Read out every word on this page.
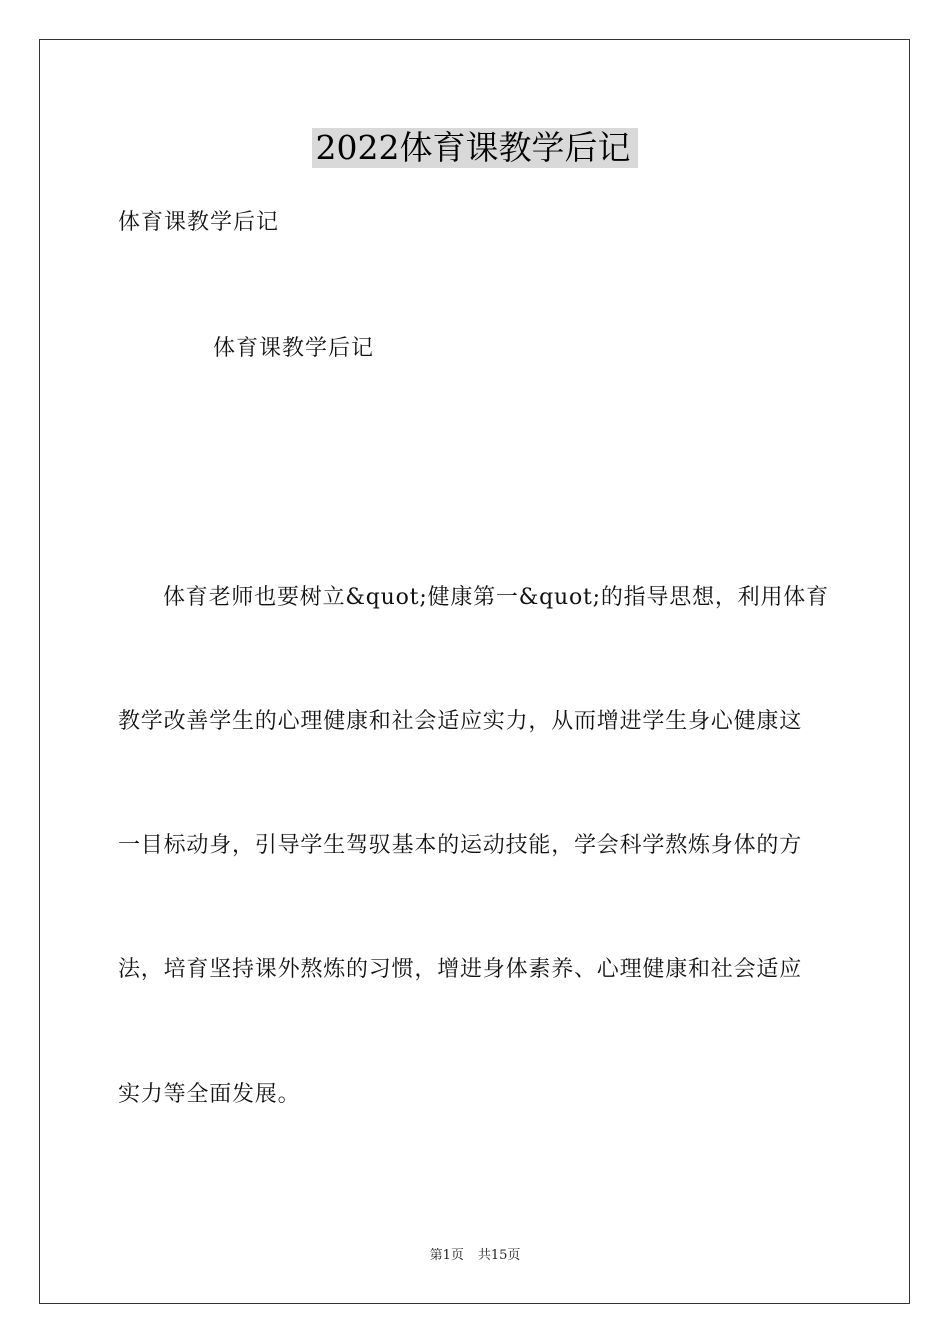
2022体育课教学后记
体育课教学后记
体育课教学后记
体育老师也要树立&quot;健康第一&quot;的指导思想，利用体育
教学改善学生的心理健康和社会适应实力，从而增进学生身心健康这
一目标动身，引导学生驾驭基本的运动技能，学会科学熬炼身体的方
法，培育坚持课外熬炼的习惯，增进身体素养、心理健康和社会适应
实力等全面发展。
第1页 共15页
